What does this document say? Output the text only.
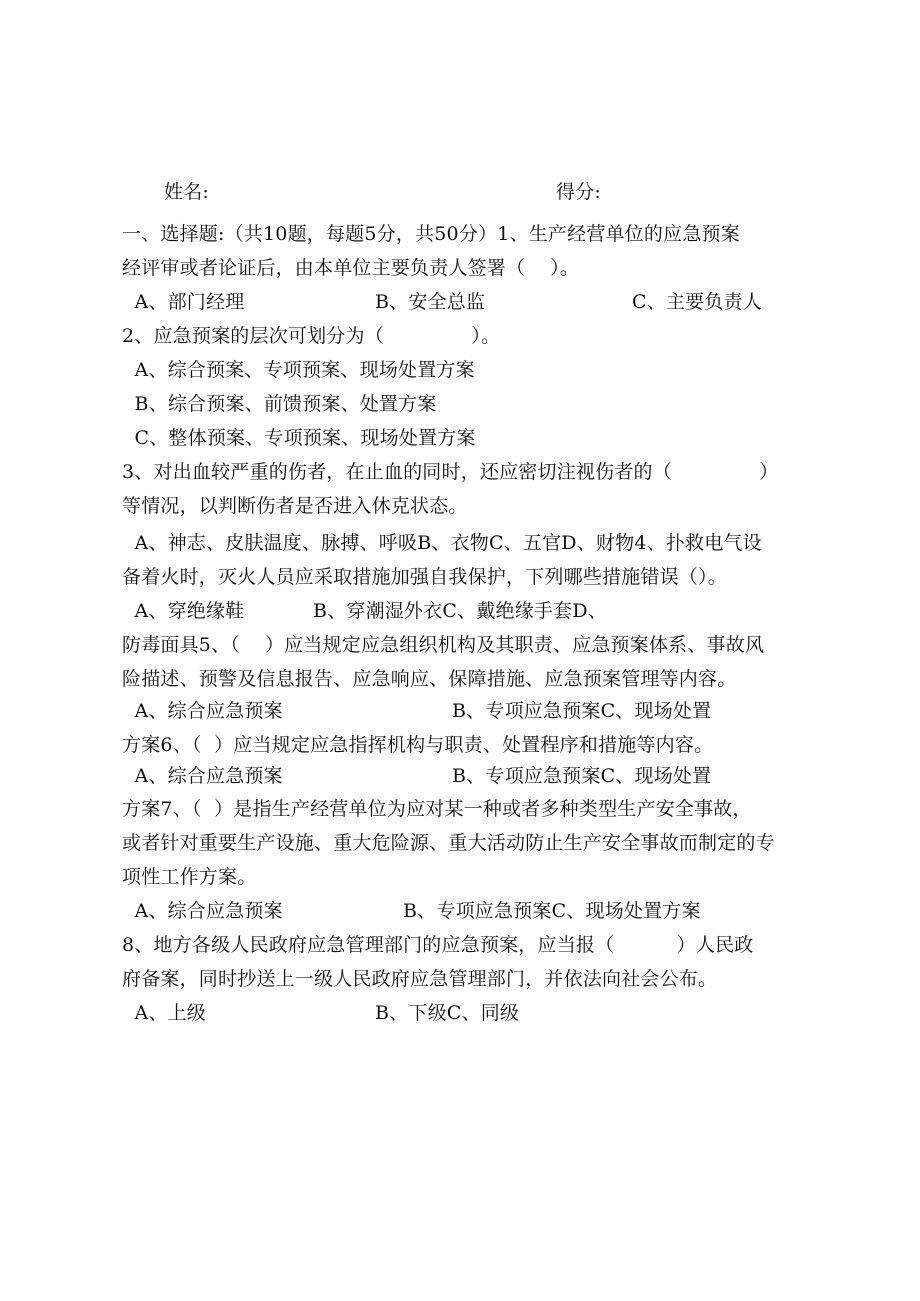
姓名:	得分:
一、选择题:（共10题，每题5分，共50分）1、生产经营单位的应急预案
经评审或者论证后，由本单位主要负责人签署（    ）。
A、部门经理	B、安全总监	C、主要负责人
2、应急预案的层次可划分为（              ）。
A、综合预案、专项预案、现场处置方案
B、综合预案、前馈预案、处置方案
C、整体预案、专项预案、现场处置方案
3、对出血较严重的伤者，在止血的同时，还应密切注视伤者的（              ）
等情况，以判断伤者是否进入休克状态。
A、神志、皮肤温度、脉搏、呼吸B、衣物C、五官D、财物4、扑救电气设
备着火时，灭火人员应采取措施加强自我保护，下列哪些措施错误（）。
A、穿绝缘鞋           B、穿潮湿外衣C、戴绝缘手套D、
防毒面具5、（    ）应当规定应急组织机构及其职责、应急预案体系、事故风
险描述、预警及信息报告、应急响应、保障措施、应急预案管理等内容。
A、综合应急预案	B、专项应急预案C、现场处置
方案6、（  ）应当规定应急指挥机构与职责、处置程序和措施等内容。
A、综合应急预案	B、专项应急预案C、现场处置
方案7、（  ）是指生产经营单位为应对某一种或者多种类型生产安全事故，
或者针对重要生产设施、重大危险源、重大活动防止生产安全事故而制定的专
项性工作方案。
A、综合应急预案	B、专项应急预案C、现场处置方案
8、地方各级人民政府应急管理部门的应急预案，应当报（          ）人民政
府备案，同时抄送上一级人民政府应急管理部门，并依法向社会公布。
A、上级	B、下级C、同级
